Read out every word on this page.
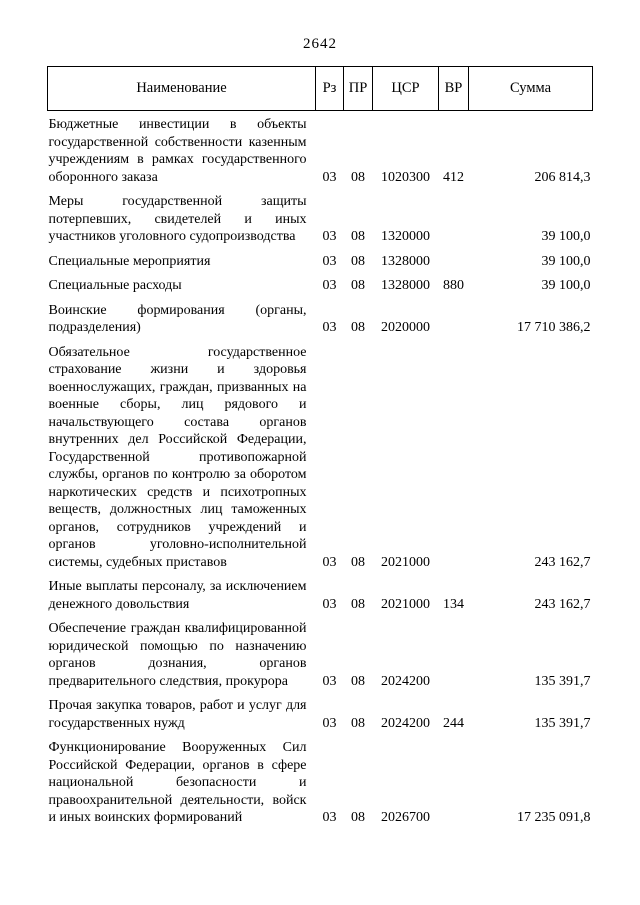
2642
Наименование	Рз	ПР	ЦСР	ВР	Сумма
Бюджетные инвестиции в объекты государственной собственности казенным учреждениям в рамках государственного оборонного заказа	03	08	1020300	412	206 814,3
Меры государственной защиты потерпевших, свидетелей и иных участников уголовного судопроизводства	03	08	1320000		39 100,0
Специальные мероприятия	03	08	1328000		39 100,0
Специальные расходы	03	08	1328000	880	39 100,0
Воинские формирования (органы, подразделения)	03	08	2020000		17 710 386,2
Обязательное государственное страхование жизни и здоровья военнослужащих, граждан, призванных на военные сборы, лиц рядового и начальствующего состава органов внутренних дел Российской Федерации, Государственной противопожарной службы, органов по контролю за оборотом наркотических средств и психотропных веществ, должностных лиц таможенных органов, сотрудников учреждений и органов уголовно-исполнительной системы, судебных приставов	03	08	2021000		243 162,7
Иные выплаты персоналу, за исключением денежного довольствия	03	08	2021000	134	243 162,7
Обеспечение граждан квалифицированной юридической помощью по назначению органов дознания, органов предварительного следствия, прокурора	03	08	2024200		135 391,7
Прочая закупка товаров, работ и услуг для государственных нужд	03	08	2024200	244	135 391,7
Функционирование Вооруженных Сил Российской Федерации, органов в сфере национальной безопасности и правоохранительной деятельности, войск и иных воинских формирований	03	08	2026700		17 235 091,8
